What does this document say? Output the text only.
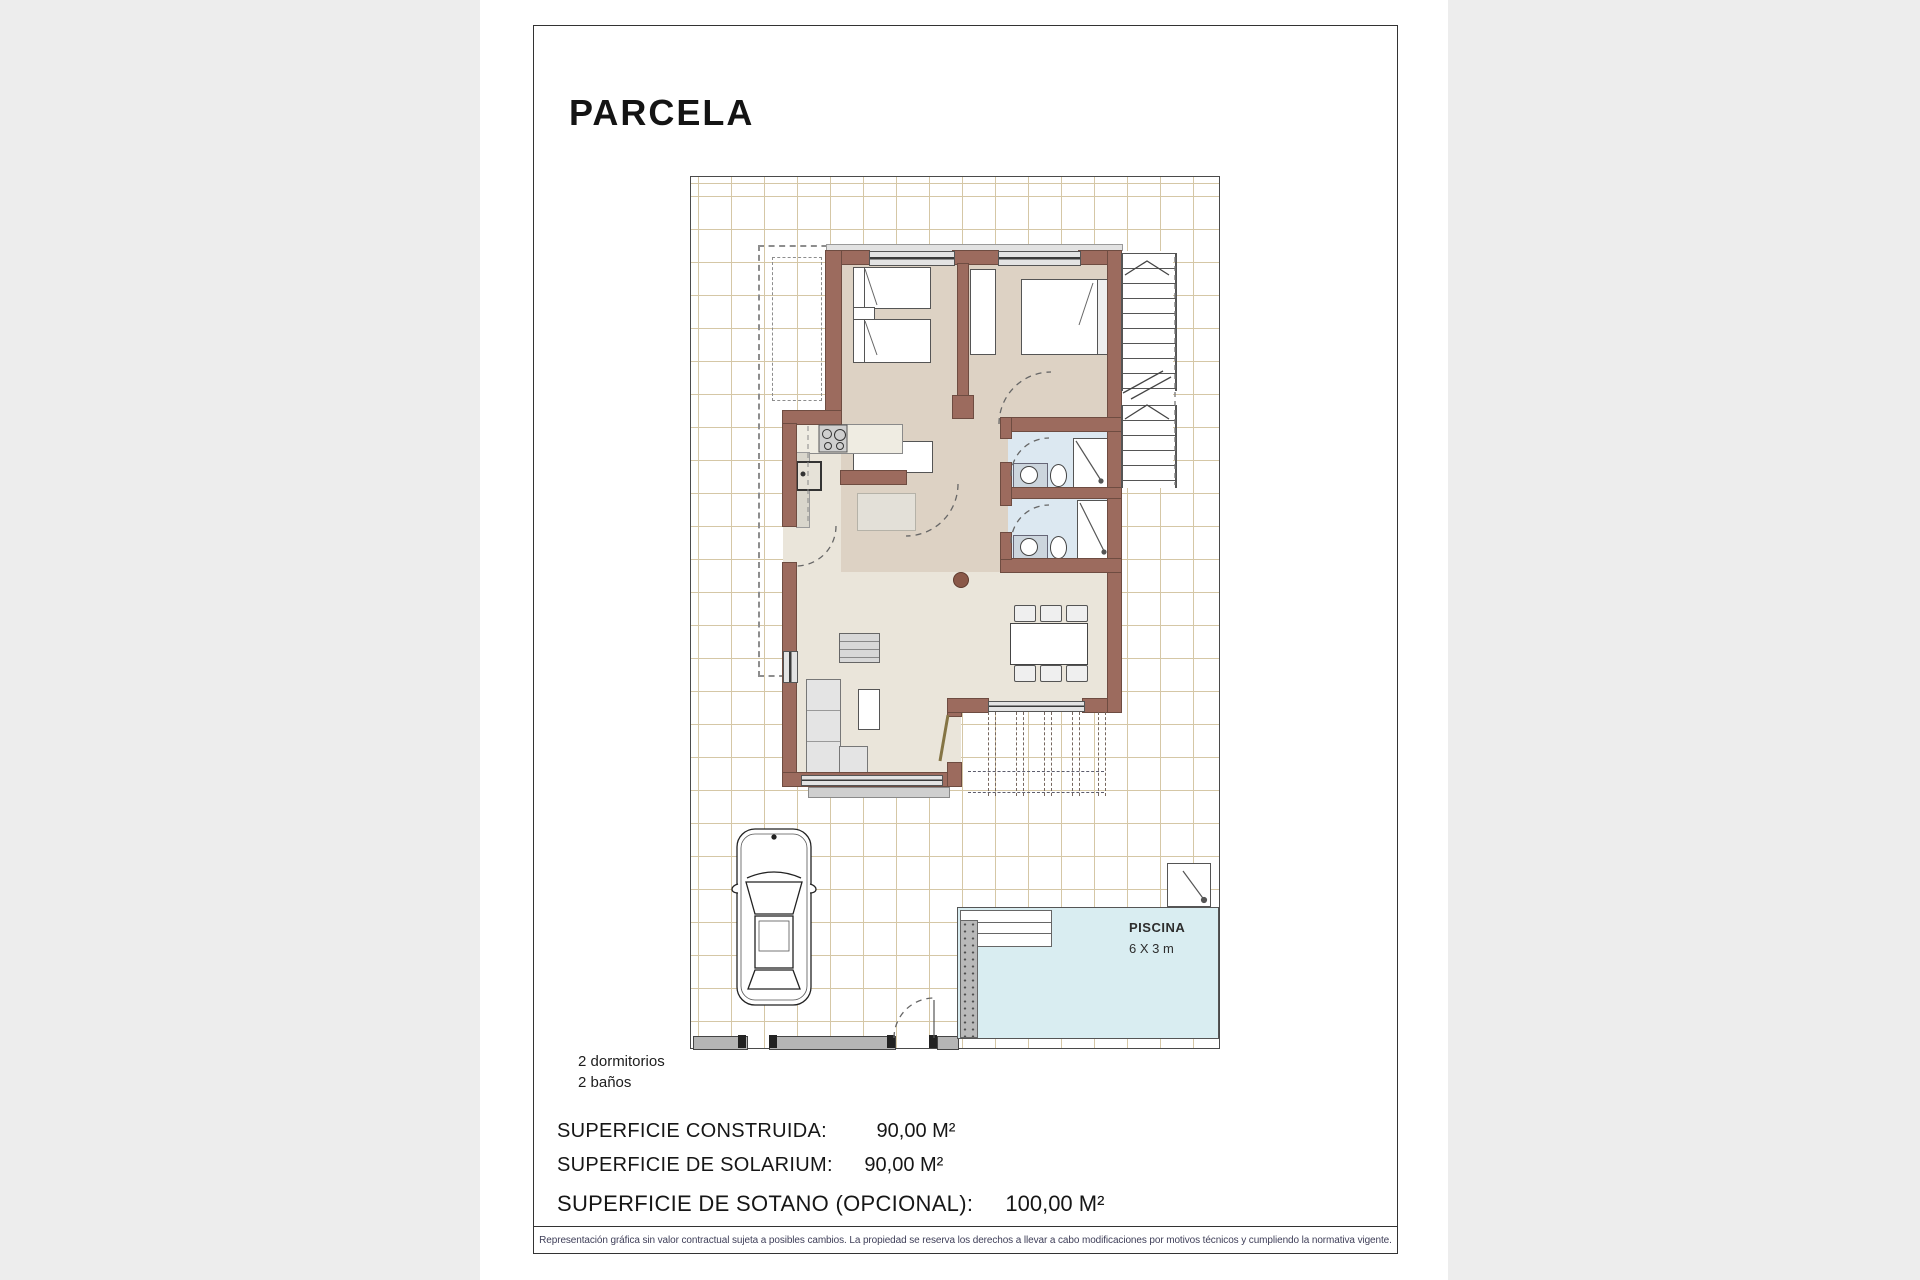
PARCELA
PISCINA
6 X 3 m
2 dormitorios
2 baños
SUPERFICIE CONSTRUIDA: 90,00 M²
SUPERFICIE DE SOLARIUM: 90,00 M²
SUPERFICIE DE SOTANO (OPCIONAL): 100,00 M²
Representación gráfica sin valor contractual sujeta a posibles cambios. La propiedad se reserva los derechos a llevar a cabo modificaciones por motivos técnicos y cumpliendo la normativa vigente.
